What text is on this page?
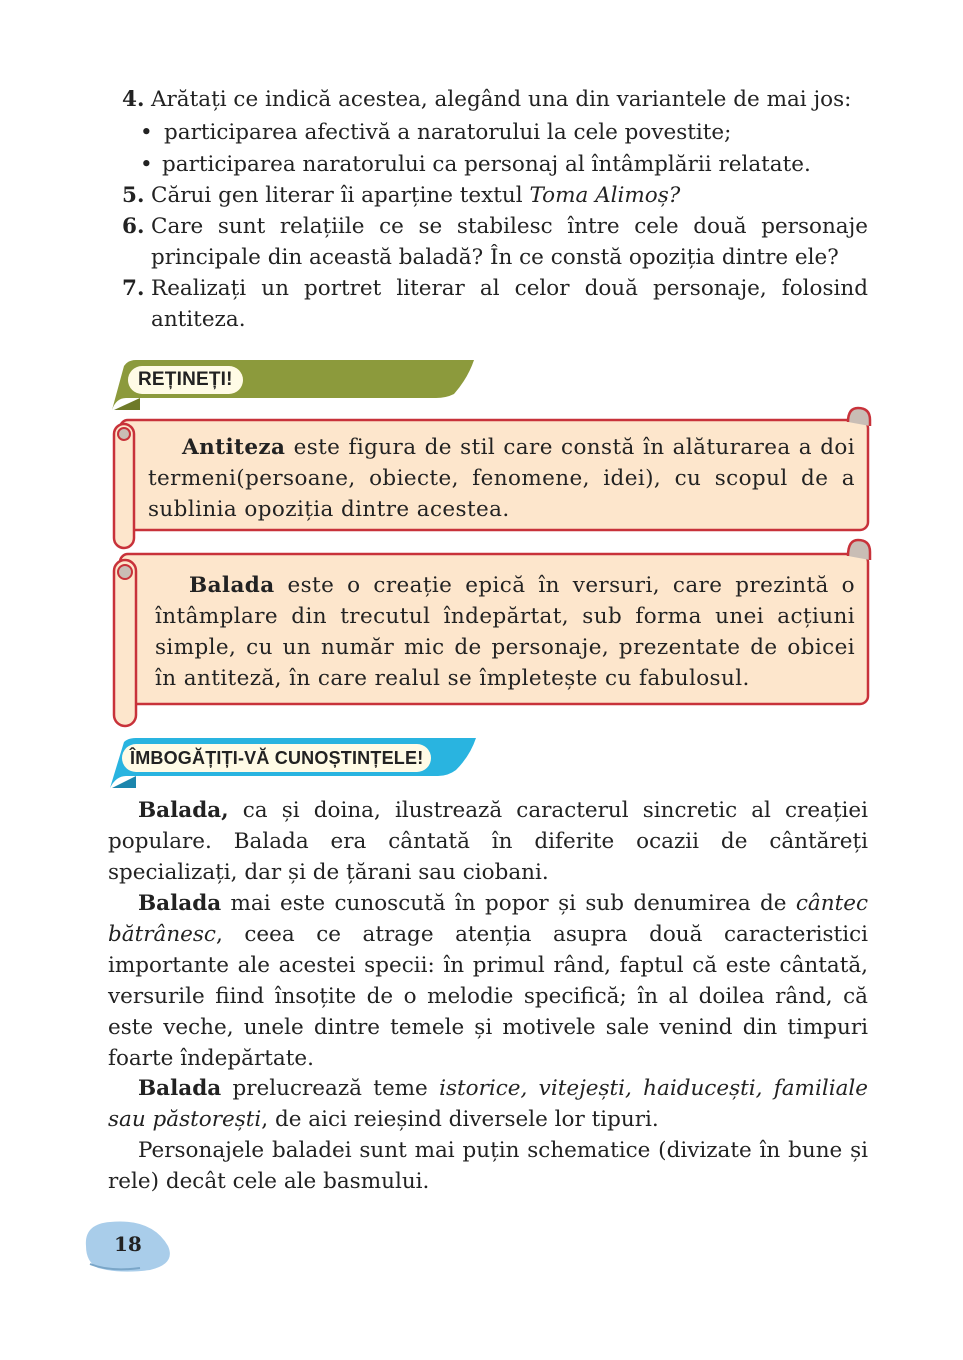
4. Arătați ce indică acestea, alegând una din variantele de mai jos:
• participarea afectivă a naratorului la cele povestite;
• participarea naratorului ca personaj al întâmplării relatate.
5. Cărui gen literar îi aparține textul Toma Alimoș?
6. Care sunt relațiile ce se stabilesc între cele două personaje principale din această baladă? În ce constă opoziția dintre ele?
7. Realizați un portret literar al celor două personaje, folosind antiteza.
REȚINEȚI!
Antiteza este figura de stil care constă în alăturarea a doi termeni(persoane, obiecte, fenomene, idei), cu scopul de a sublinia opoziția dintre acestea.
Balada este o creație epică în versuri, care prezintă o întâmplare din trecutul îndepărtat, sub forma unei acțiuni simple, cu un număr mic de personaje, prezentate de obicei în antiteză, în care realul se împletește cu fabulosul.
ÎMBOGĂȚIȚI-VĂ CUNOȘTINȚELE!
Balada, ca și doina, ilustrează caracterul sincretic al creației populare. Balada era cântată în diferite ocazii de cântăreți specializați, dar și de țărani sau ciobani.
Balada mai este cunoscută în popor și sub denumirea de cântec bătrânesc, ceea ce atrage atenția asupra două caracteristici importante ale acestei specii: în primul rând, faptul că este cântată, versurile fiind însoțite de o melodie specifică; în al doilea rând, că este veche, unele dintre temele și motivele sale venind din timpuri foarte îndepărtate.
Balada prelucrează teme istorice, vitejești, haiducești, familiale sau păstorești, de aici reieșind diversele lor tipuri.
Personajele baladei sunt mai puțin schematice (divizate în bune și rele) decât cele ale basmului.
18
